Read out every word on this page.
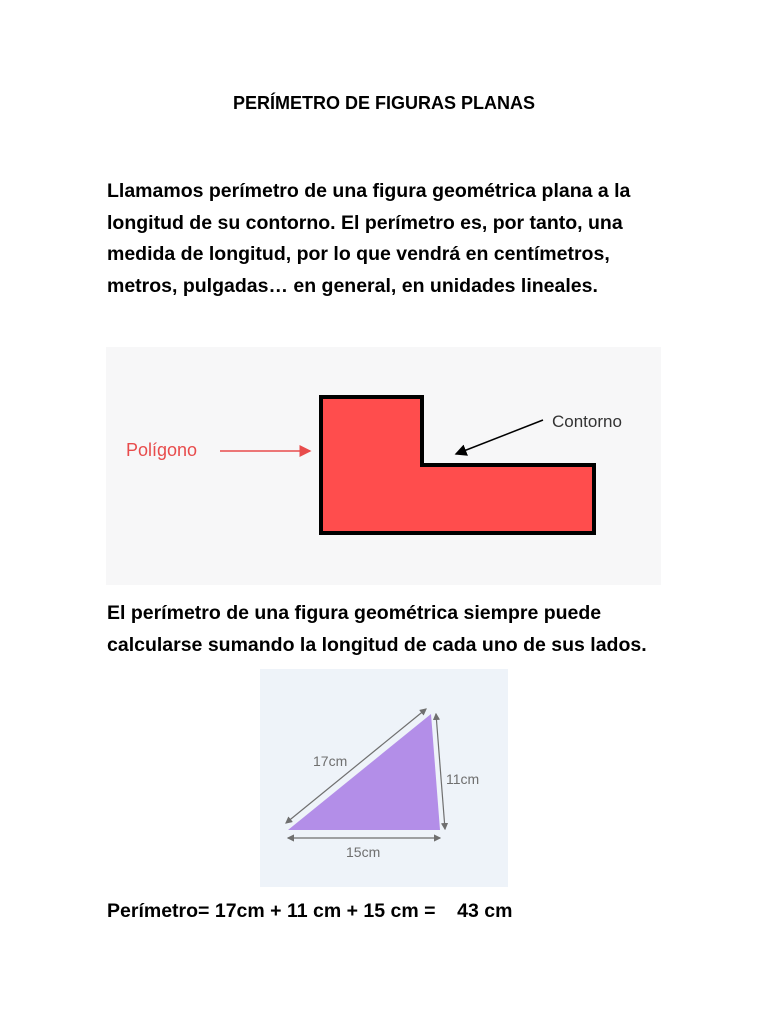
PERÍMETRO DE FIGURAS PLANAS

Llamamos perímetro de una figura geométrica plana a la
longitud de su contorno. El perímetro es, por tanto, una
medida de longitud, por lo que vendrá en centímetros,
metros, pulgadas… en general, en unidades lineales.

Polígono
Contorno

El perímetro de una figura geométrica siempre puede
calcularse sumando la longitud de cada uno de sus lados.

17cm
11cm
15cm
Perímetro= 17cm + 11 cm + 15 cm = 43 cm
